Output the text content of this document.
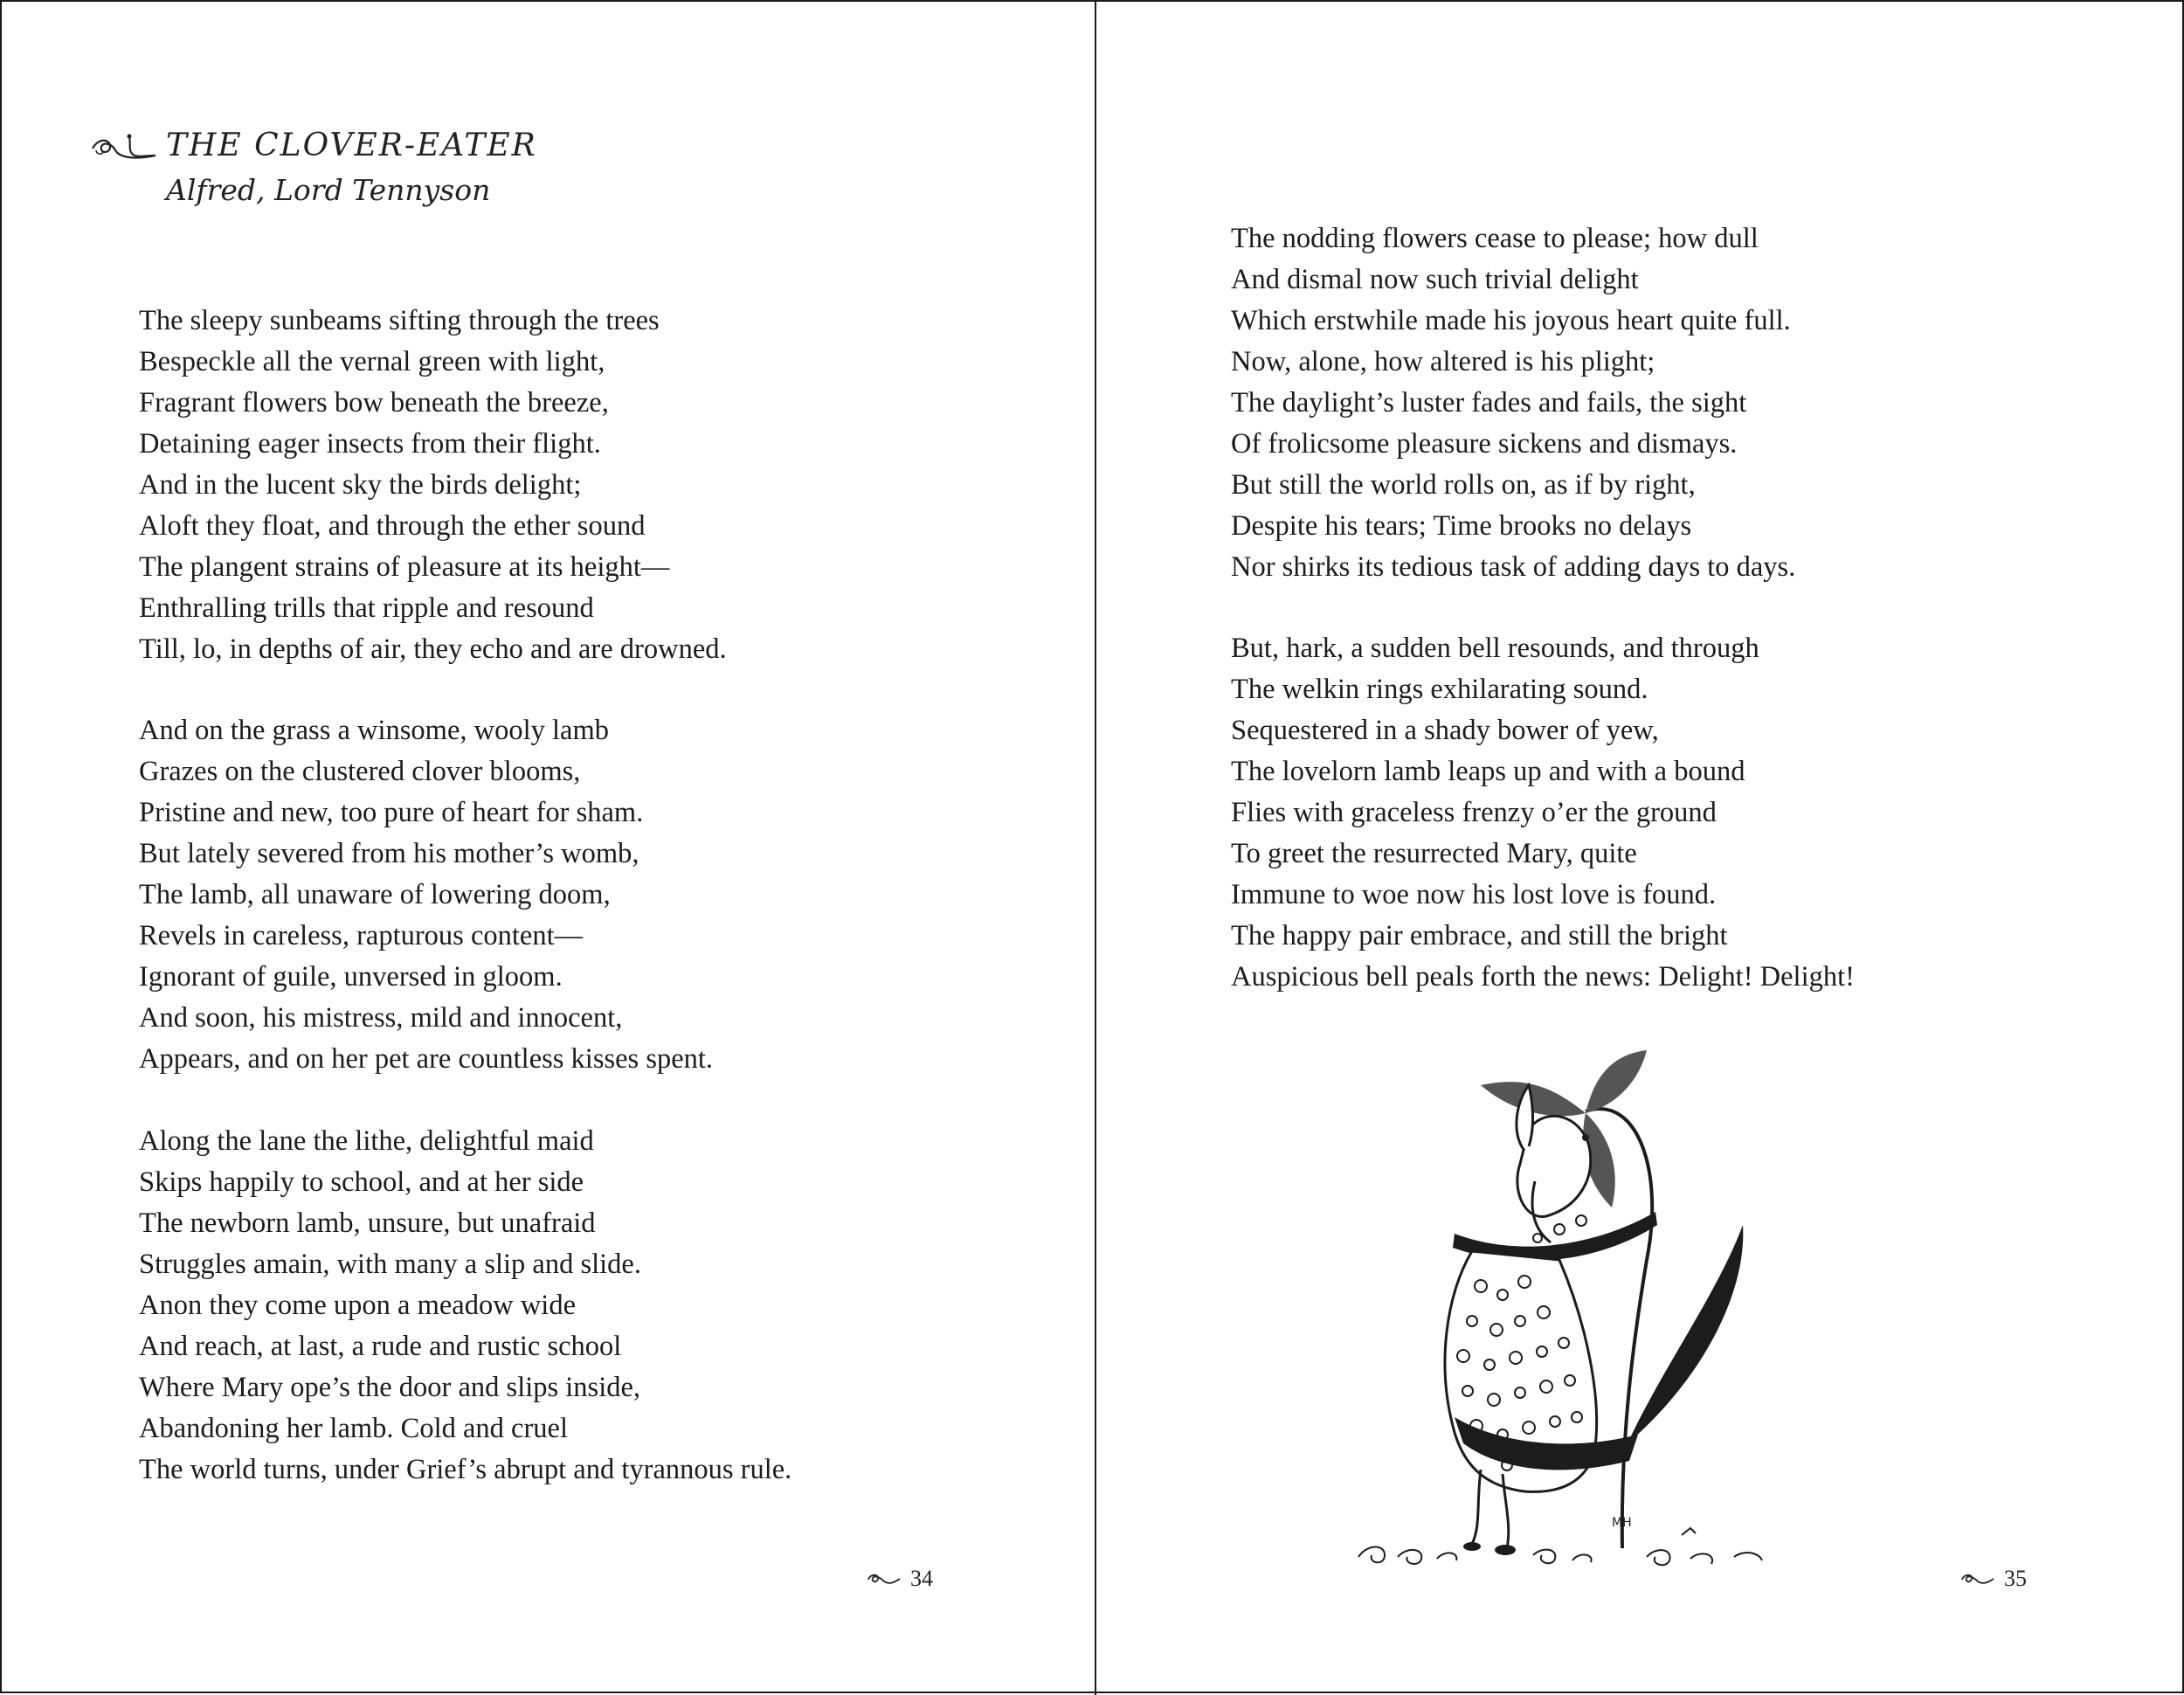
THE CLOVER-EATER
Alfred, Lord Tennyson
The sleepy sunbeams sifting through the trees
Bespeckle all the vernal green with light,
Fragrant flowers bow beneath the breeze,
Detaining eager insects from their flight.
And in the lucent sky the birds delight;
Aloft they float, and through the ether sound
The plangent strains of pleasure at its height—
Enthralling trills that ripple and resound
Till, lo, in depths of air, they echo and are drowned.
And on the grass a winsome, wooly lamb
Grazes on the clustered clover blooms,
Pristine and new, too pure of heart for sham.
But lately severed from his mother’s womb,
The lamb, all unaware of lowering doom,
Revels in careless, rapturous content—
Ignorant of guile, unversed in gloom.
And soon, his mistress, mild and innocent,
Appears, and on her pet are countless kisses spent.
Along the lane the lithe, delightful maid
Skips happily to school, and at her side
The newborn lamb, unsure, but unafraid
Struggles amain, with many a slip and slide.
Anon they come upon a meadow wide
And reach, at last, a rude and rustic school
Where Mary ope’s the door and slips inside,
Abandoning her lamb. Cold and cruel
The world turns, under Grief’s abrupt and tyrannous rule.
34
The nodding flowers cease to please; how dull
And dismal now such trivial delight
Which erstwhile made his joyous heart quite full.
Now, alone, how altered is his plight;
The daylight’s luster fades and fails, the sight
Of frolicsome pleasure sickens and dismays.
But still the world rolls on, as if by right,
Despite his tears; Time brooks no delays
Nor shirks its tedious task of adding days to days.
But, hark, a sudden bell resounds, and through
The welkin rings exhilarating sound.
Sequestered in a shady bower of yew,
The lovelorn lamb leaps up and with a bound
Flies with graceless frenzy o’er the ground
To greet the resurrected Mary, quite
Immune to woe now his lost love is found.
The happy pair embrace, and still the bright
Auspicious bell peals forth the news: Delight! Delight!
MH
35
